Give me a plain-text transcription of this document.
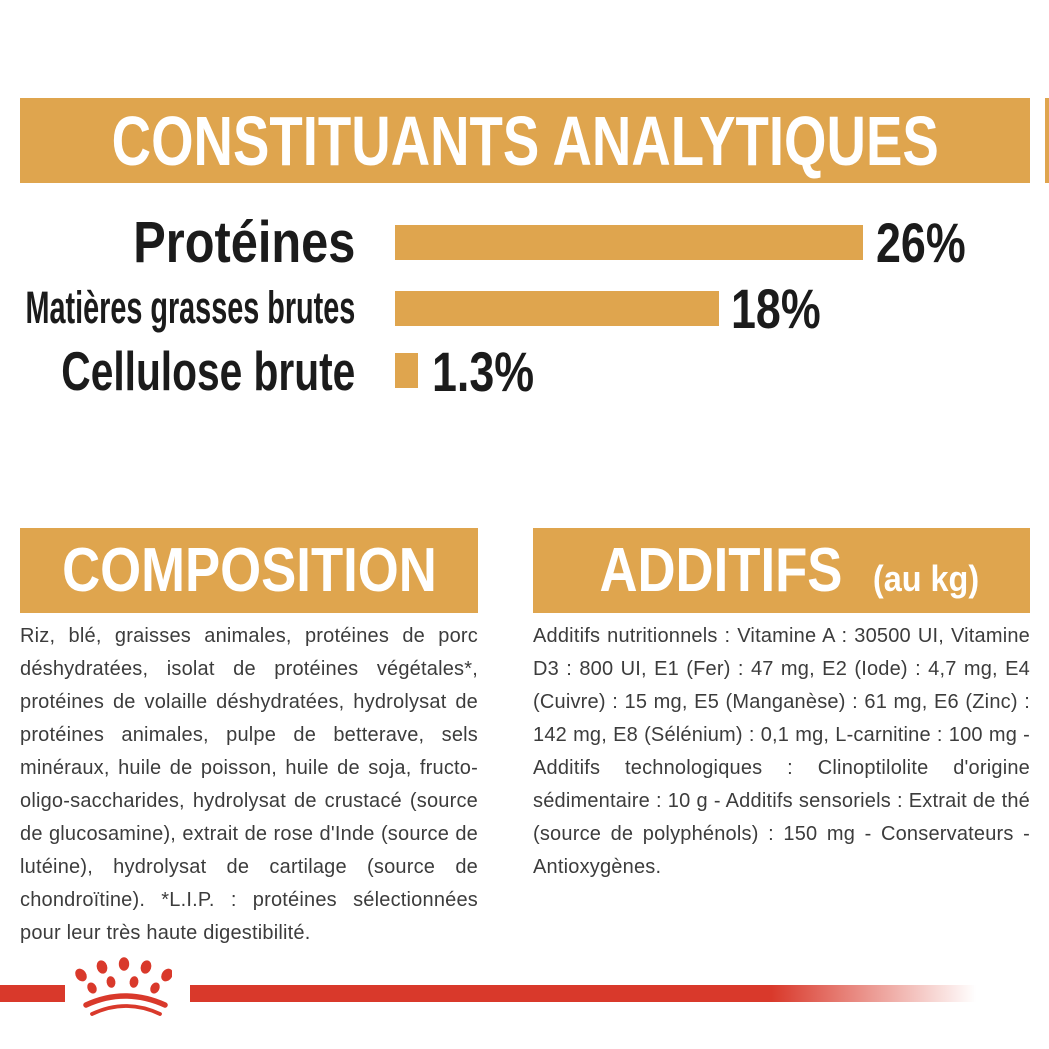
CONSTITUANTS ANALYTIQUES
Protéines	26%
Matières grasses brutes	18%
Cellulose brute 1.3%
COMPOSITION
Riz, blé, graisses animales, protéines de porc déshydratées, isolat de protéines végétales*, protéines de volaille déshydratées, hydrolysat de protéines animales, pulpe de betterave, sels minéraux, huile de poisson, huile de soja, fructo-oligo-saccharides, hydrolysat de crustacé (source de glucosamine), extrait de rose d'Inde (source de lutéine), hydrolysat de cartilage (source de chondroïtine). *L.I.P. : protéines sélectionnées pour leur très haute digestibilité.
ADDITIFS (au kg)
Additifs nutritionnels : Vitamine A : 30500 UI, Vitamine D3 : 800 UI, E1 (Fer) : 47 mg, E2 (Iode) : 4,7 mg, E4 (Cuivre) : 15 mg, E5 (Manganèse) : 61 mg, E6 (Zinc) : 142 mg, E8 (Sélénium) : 0,1 mg, L-carnitine : 100 mg - Additifs technologiques : Clinoptilolite d'origine sédimentaire : 10 g - Additifs sensoriels : Extrait de thé (source de polyphénols) : 150 mg - Conservateurs - Antioxygènes.
